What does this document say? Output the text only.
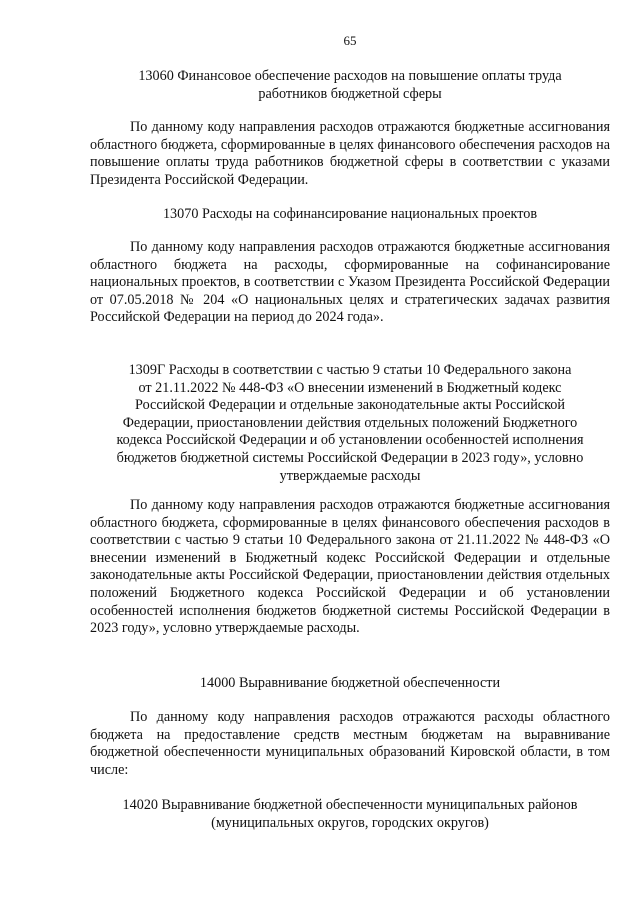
65
13060 Финансовое обеспечение расходов на повышение оплаты труда
работников бюджетной сферы

По данному коду направления расходов отражаются бюджетные ассигнования областного бюджета, сформированные в целях финансового обеспечения расходов на повышение оплаты труда работников бюджетной сферы в соответствии с указами Президента Российской Федерации.

13070 Расходы на софинансирование национальных проектов

По данному коду направления расходов отражаются бюджетные ассигнования областного бюджета на расходы, сформированные на софинансирование национальных проектов, в соответствии с Указом Президента Российской Федерации от 07.05.2018 № 204 «О национальных целях и стратегических задачах развития Российской Федерации на период до 2024 года».

1309Г Расходы в соответствии с частью 9 статьи 10 Федерального закона
от 21.11.2022 № 448-ФЗ «О внесении изменений в Бюджетный кодекс
Российской Федерации и отдельные законодательные акты Российской
Федерации, приостановлении действия отдельных положений Бюджетного
кодекса Российской Федерации и об установлении особенностей исполнения
бюджетов бюджетной системы Российской Федерации в 2023 году», условно
утверждаемые расходы

По данному коду направления расходов отражаются бюджетные ассигнования областного бюджета, сформированные в целях финансового обеспечения расходов в соответствии с частью 9 статьи 10 Федерального закона от 21.11.2022 № 448-ФЗ «О внесении изменений в Бюджетный кодекс Российской Федерации и отдельные законодательные акты Российской Федерации, приостановлении действия отдельных положений Бюджетного кодекса Российской Федерации и об установлении особенностей исполнения бюджетов бюджетной системы Российской Федерации в 2023 году», условно утверждаемые расходы.

14000 Выравнивание бюджетной обеспеченности

По данному коду направления расходов отражаются расходы областного бюджета на предоставление средств местным бюджетам на выравнивание бюджетной обеспеченности муниципальных образований Кировской области, в том числе:

14020 Выравнивание бюджетной обеспеченности муниципальных районов
(муниципальных округов, городских округов)
